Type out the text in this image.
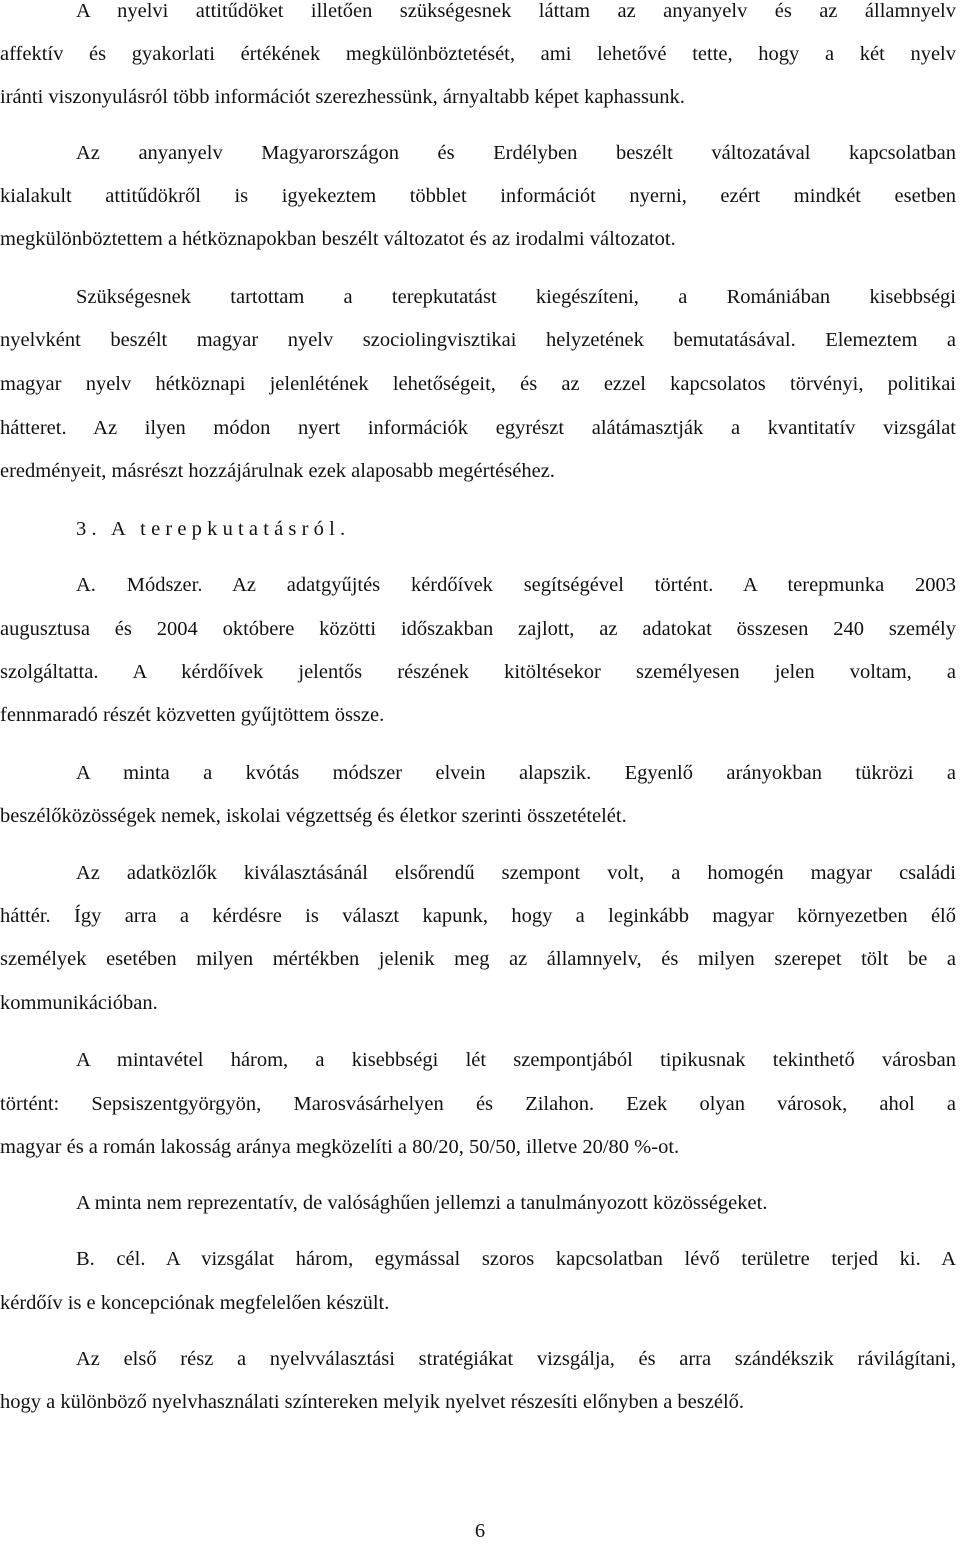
A nyelvi attitűdöket illetően szükségesnek láttam az anyanyelv és az államnyelv
affektív és gyakorlati értékének megkülönböztetését, ami lehetővé tette, hogy a két nyelv
iránti viszonyulásról több információt szerezhessünk, árnyaltabb képet kaphassunk.
Az anyanyelv Magyarországon és Erdélyben beszélt változatával kapcsolatban
kialakult attitűdökről is igyekeztem többlet információt nyerni, ezért mindkét esetben
megkülönböztettem a hétköznapokban beszélt változatot és az irodalmi változatot.
Szükségesnek tartottam a terepkutatást kiegészíteni, a Romániában kisebbségi
nyelvként beszélt magyar nyelv szociolingvisztikai helyzetének bemutatásával. Elemeztem a
magyar nyelv hétköznapi jelenlétének lehetőségeit, és az ezzel kapcsolatos törvényi, politikai
hátteret. Az ilyen módon nyert információk egyrészt alátámasztják a kvantitatív vizsgálat
eredményeit, másrészt hozzájárulnak ezek alaposabb megértéséhez.
3. A terepkutatásról.
A. Módszer. Az adatgyűjtés kérdőívek segítségével történt. A terepmunka 2003
augusztusa és 2004 októbere közötti időszakban zajlott, az adatokat összesen 240 személy
szolgáltatta. A kérdőívek jelentős részének kitöltésekor személyesen jelen voltam, a
fennmaradó részét közvetten gyűjtöttem össze.
A minta a kvótás módszer elvein alapszik. Egyenlő arányokban tükrözi a
beszélőközösségek nemek, iskolai végzettség és életkor szerinti összetételét.
Az adatközlők kiválasztásánál elsőrendű szempont volt, a homogén magyar családi
háttér. Így arra a kérdésre is választ kapunk, hogy a leginkább magyar környezetben élő
személyek esetében milyen mértékben jelenik meg az államnyelv, és milyen szerepet tölt be a
kommunikációban.
A mintavétel három, a kisebbségi lét szempontjából tipikusnak tekinthető városban
történt: Sepsiszentgyörgyön, Marosvásárhelyen és Zilahon. Ezek olyan városok, ahol a
magyar és a román lakosság aránya megközelíti a 80/20, 50/50, illetve 20/80 %-ot.
A minta nem reprezentatív, de valósághűen jellemzi a tanulmányozott közösségeket.
B. cél. A vizsgálat három, egymással szoros kapcsolatban lévő területre terjed ki. A
kérdőív is e koncepciónak megfelelően készült.
Az első rész a nyelvválasztási stratégiákat vizsgálja, és arra szándékszik rávilágítani,
hogy a különböző nyelvhasználati színtereken melyik nyelvet részesíti előnyben a beszélő.
6
